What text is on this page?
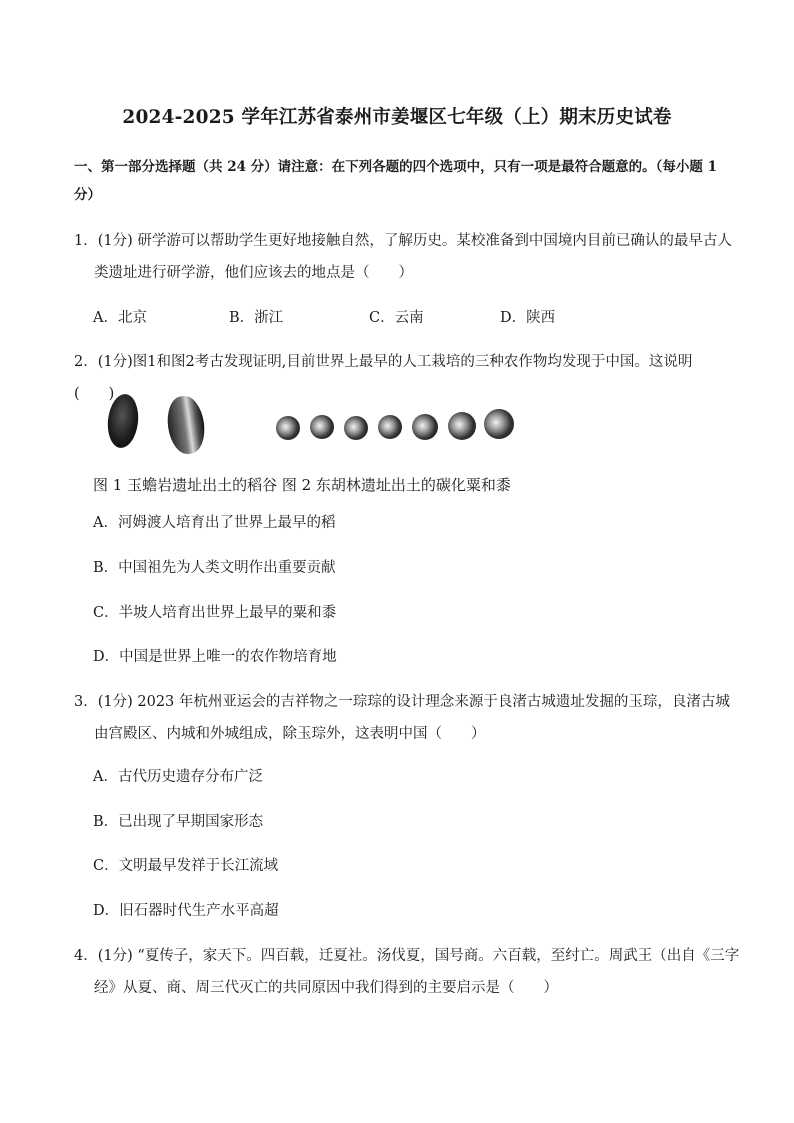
2024-2025 学年江苏省泰州市姜堰区七年级（上）期末历史试卷
一、第一部分选择题（共 24 分）请注意：在下列各题的四个选项中，只有一项是最符合题意的。（每小题 1 分）
1．(1分) 研学游可以帮助学生更好地接触自然，了解历史。某校准备到中国境内目前已确认的最早古人类遗址进行研学游，他们应该去的地点是（　　）
A．北京	B．浙江	C．云南	D．陕西
2．(1分)图1和图2考古发现证明,目前世界上最早的人工栽培的三种农作物均发现于中国。这说明(　　)
图 1 玉蟾岩遗址出土的稻谷 图 2 东胡林遗址出土的碳化粟和黍
A．河姆渡人培育出了世界上最早的稻
B．中国祖先为人类文明作出重要贡献
C．半坡人培育出世界上最早的粟和黍
D．中国是世界上唯一的农作物培育地
3．(1分) 2023 年杭州亚运会的吉祥物之一琮琮的设计理念来源于良渚古城遗址发掘的玉琮，良渚古城由宫殿区、内城和外城组成，除玉琮外，这表明中国（　　）
A．古代历史遗存分布广泛
B．已出现了早期国家形态
C．文明最早发祥于长江流域
D．旧石器时代生产水平高超
4．(1分) “夏传子，家天下。四百载，迁夏社。汤伐夏，国号商。六百载，至纣亡。周武王（出自《三字经》从夏、商、周三代灭亡的共同原因中我们得到的主要启示是（　　）
